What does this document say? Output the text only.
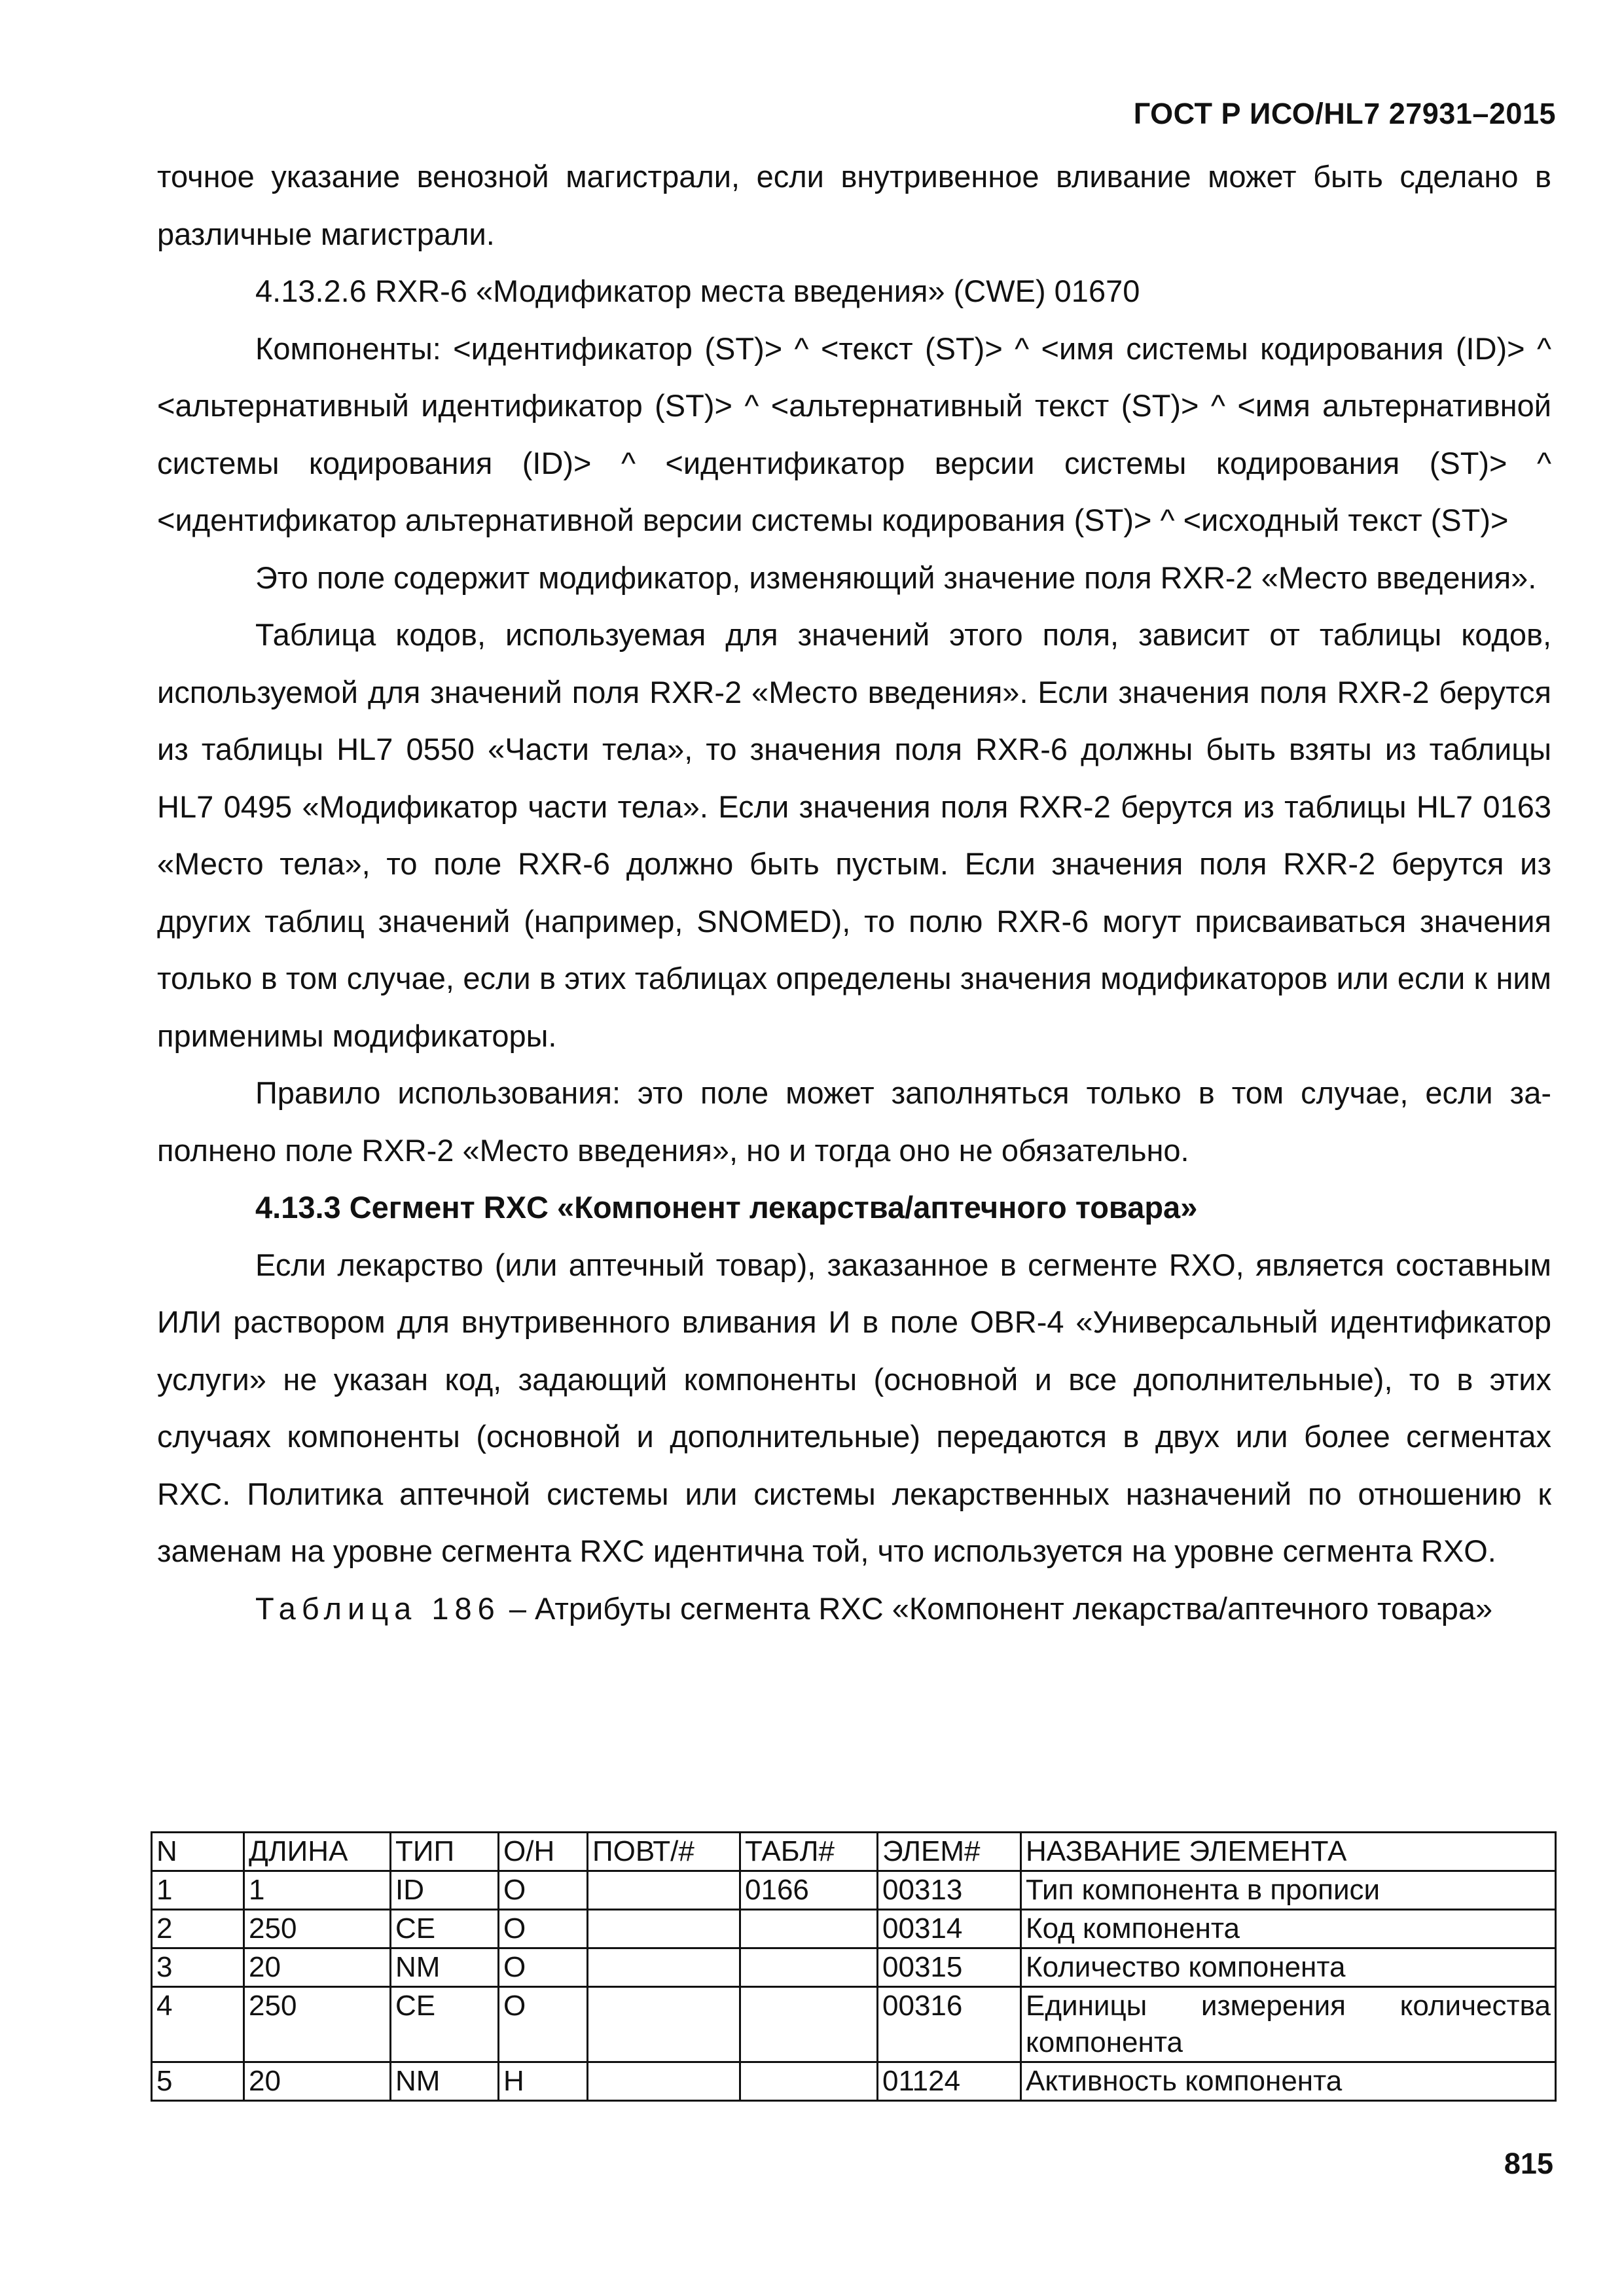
ГОСТ Р ИСО/HL7 27931–2015

точное указание венозной магистрали, если внутривенное вливание может быть сделано в различные магистрали.

4.13.2.6 RXR-6 «Модификатор места введения» (CWE) 01670

Компоненты: <идентификатор (ST)> ^ <текст (ST)> ^ <имя системы кодирования (ID)> ^ <альтернативный идентификатор (ST)> ^ <альтернативный текст (ST)> ^ <имя альтернативной системы кодирования (ID)> ^ <идентификатор версии системы кодирования (ST)> ^ <идентификатор альтернативной версии системы кодирования (ST)> ^ <исходный текст (ST)>

Это поле содержит модификатор, изменяющий значение поля RXR-2 «Место введения».

Таблица кодов, используемая для значений этого поля, зависит от таблицы кодов, используемой для значений поля RXR-2 «Место введения». Если значения поля RXR-2 берутся из таблицы HL7 0550 «Части тела», то значения поля RXR-6 должны быть взяты из таблицы HL7 0495 «Модификатор части тела». Если значения поля RXR-2 берутся из таблицы HL7 0163 «Место тела», то поле RXR-6 должно быть пустым. Если значения поля RXR-2 берутся из других таблиц значений (например, SNOMED), то полю RXR-6 могут присваиваться значения только в том случае, если в этих таблицах определены значения модификаторов или если к ним применимы модификаторы.

Правило использования: это поле может заполняться только в том случае, если заполнено поле RXR-2 «Место введения», но и тогда оно не обязательно.

4.13.3 Сегмент RXC «Компонент лекарства/аптечного товара»

Если лекарство (или аптечный товар), заказанное в сегменте RXO, является составным ИЛИ раствором для внутривенного вливания И в поле OBR-4 «Универсальный идентификатор услуги» не указан код, задающий компоненты (основной и все дополнительные), то в этих случаях компоненты (основной и дополнительные) передаются в двух или более сегментах RXC. Политика аптечной системы или системы лекарственных назначений по отношению к заменам на уровне сегмента RXC идентична той, что используется на уровне сегмента RXO.

Таблица 186 – Атрибуты сегмента RXC «Компонент лекарства/аптечного товара»

N	ДЛИНА	ТИП	О/Н	ПОВТ/#	ТАБЛ#	ЭЛЕМ#	НАЗВАНИЕ ЭЛЕМЕНТА
1	1	ID	О		0166	00313	Тип компонента в прописи
2	250	CE	О			00314	Код компонента
3	20	NM	О			00315	Количество компонента
4	250	CE	О			00316	Единицы измерения количества компонента
5	20	NM	Н			01124	Активность компонента
815
